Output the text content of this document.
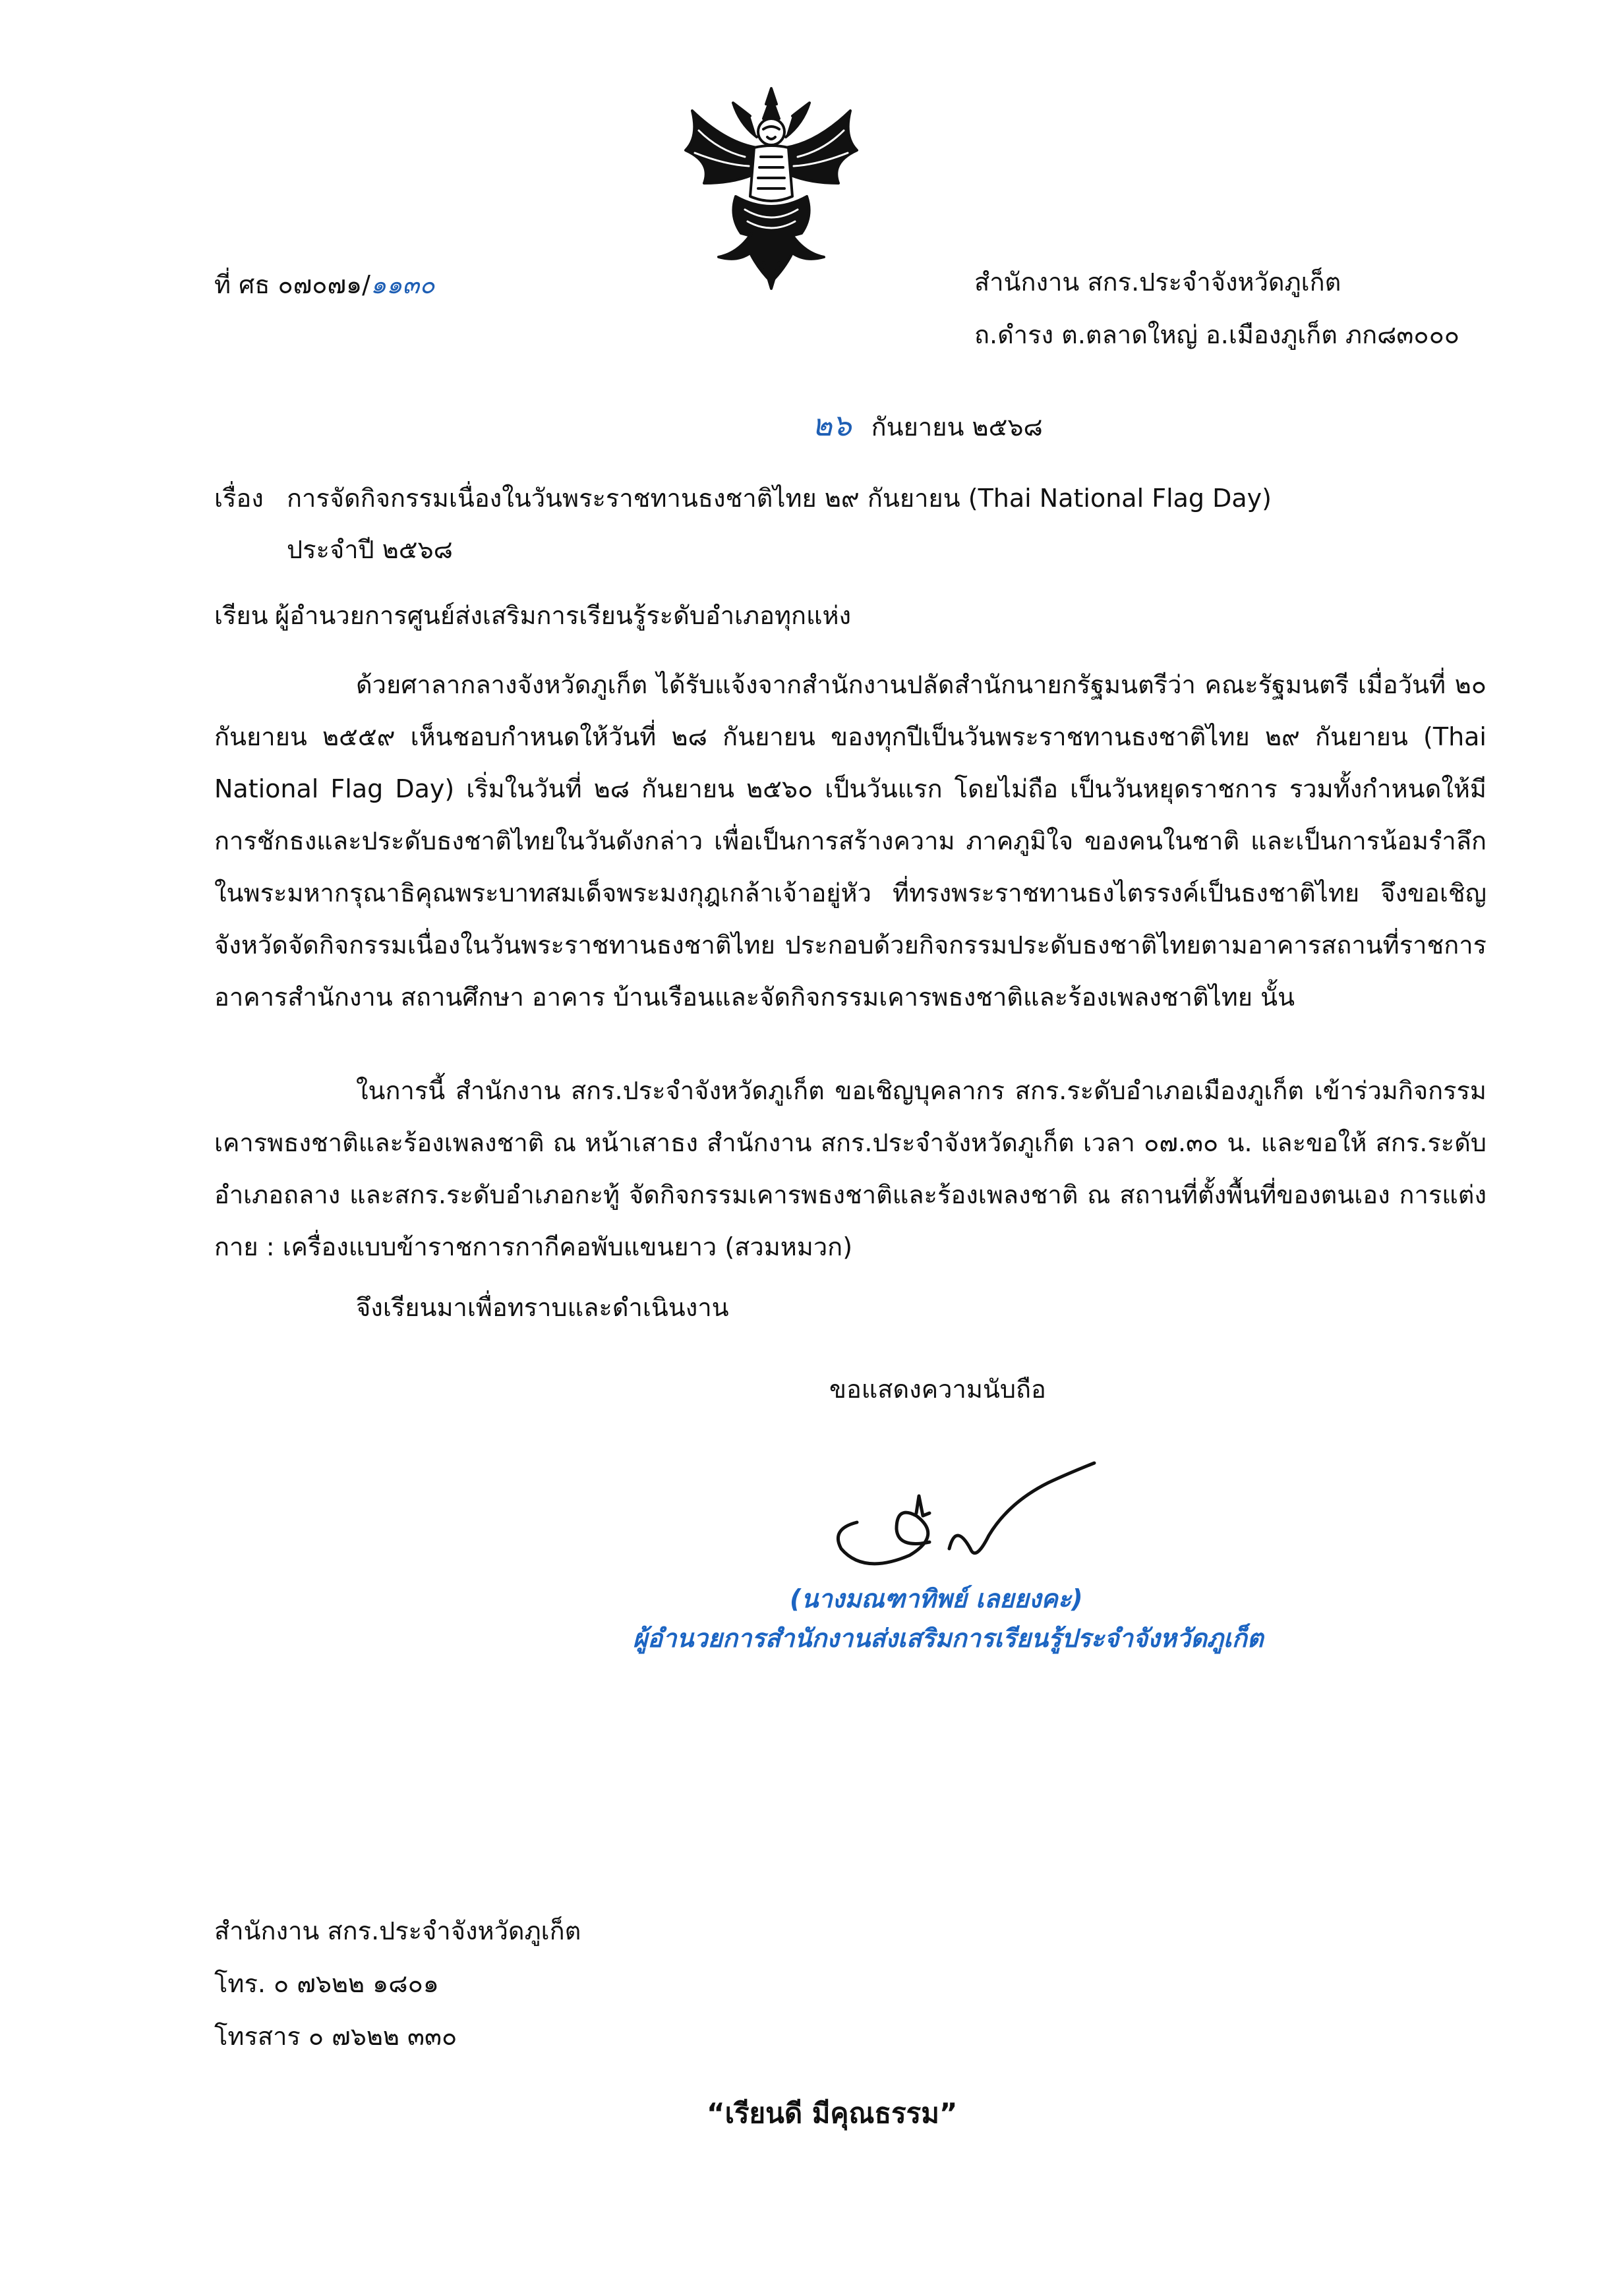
ที่ ศธ ๐๗๐๗๑/๑๑๓๐	สำนักงาน สกร.ประจำจังหวัดภูเก็ต
ถ.ดำรง ต.ตลาดใหญ่ อ.เมืองภูเก็ต ภก๘๓๐๐๐
๒๖ กันยายน ๒๕๖๘
เรื่อง การจัดกิจกรรมเนื่องในวันพระราชทานธงชาติไทย ๒๙ กันยายน (Thai National Flag Day)
ประจำปี ๒๕๖๘
เรียน ผู้อำนวยการศูนย์ส่งเสริมการเรียนรู้ระดับอำเภอทุกแห่ง
ด้วยศาลากลางจังหวัดภูเก็ต ได้รับแจ้งจากสำนักงานปลัดสำนักนายกรัฐมนตรีว่า คณะรัฐมนตรี เมื่อวันที่ ๒๐ กันยายน ๒๕๕๙ เห็นชอบกำหนดให้วันที่ ๒๘ กันยายน ของทุกปีเป็นวันพระราชทานธงชาติไทย ๒๙ กันยายน (Thai National Flag Day) เริ่มในวันที่ ๒๘ กันยายน ๒๕๖๐ เป็นวันแรก โดยไม่ถือ เป็นวันหยุดราชการ รวมทั้งกำหนดให้มีการชักธงและประดับธงชาติไทยในวันดังกล่าว เพื่อเป็นการสร้างความ ภาคภูมิใจ ของคนในชาติ และเป็นการน้อมรำลึกในพระมหากรุณาธิคุณพระบาทสมเด็จพระมงกุฎเกล้าเจ้าอยู่หัว ที่ทรงพระราชทานธงไตรรงค์เป็นธงชาติไทย จึงขอเชิญจังหวัดจัดกิจกรรมเนื่องในวันพระราชทานธงชาติไทย ประกอบด้วยกิจกรรมประดับธงชาติไทยตามอาคารสถานที่ราชการ อาคารสำนักงาน สถานศึกษา อาคาร บ้านเรือนและจัดกิจกรรมเคารพธงชาติและร้องเพลงชาติไทย นั้น
ในการนี้ สำนักงาน สกร.ประจำจังหวัดภูเก็ต ขอเชิญบุคลากร สกร.ระดับอำเภอเมืองภูเก็ต เข้าร่วมกิจกรรมเคารพธงชาติและร้องเพลงชาติ ณ หน้าเสาธง สำนักงาน สกร.ประจำจังหวัดภูเก็ต เวลา ๐๗.๓๐ น. และขอให้ สกร.ระดับอำเภอถลาง และสกร.ระดับอำเภอกะทู้ จัดกิจกรรมเคารพธงชาติและร้องเพลงชาติ ณ สถานที่ตั้งพื้นที่ของตนเอง การแต่งกาย : เครื่องแบบข้าราชการกากีคอพับแขนยาว (สวมหมวก)
จึงเรียนมาเพื่อทราบและดำเนินงาน
ขอแสดงความนับถือ
(นางมณฑาทิพย์ เลยยงคะ)
ผู้อำนวยการสำนักงานส่งเสริมการเรียนรู้ประจำจังหวัดภูเก็ต
สำนักงาน สกร.ประจำจังหวัดภูเก็ต
โทร. ๐ ๗๖๒๒ ๑๘๐๑
โทรสาร ๐ ๗๖๒๒ ๓๓๐
“เรียนดี มีคุณธรรม”
